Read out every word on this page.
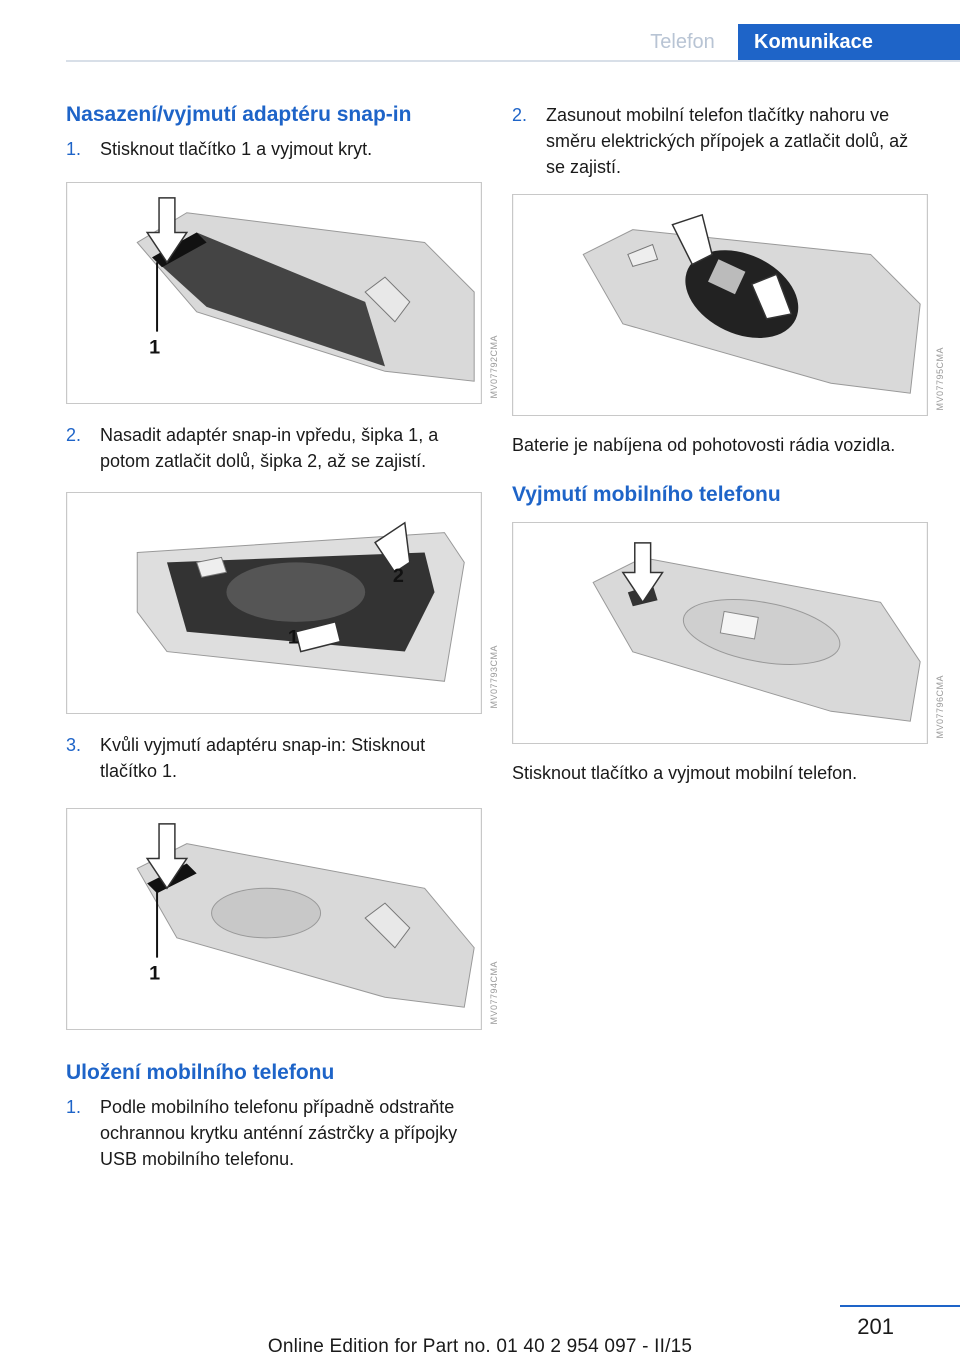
Telefon	Komunikace
Nasazení/vyjmutí adaptéru snap-in

1. Stisknout tlačítko 1 a vyjmout kryt.

1	MV07792CMA

2. Nasadit adaptér snap-in vpředu, šipka 1, a potom zatlačit dolů, šipka 2, až se zajistí.

2
1
MV07793CMA

3. Kvůli vyjmutí adaptéru snap-in: Stisknout tlačítko 1.

1	MV07794CMA
Uložení mobilního telefonu

1. Podle mobilního telefonu případně odstraňte ochrannou krytku anténní zástrčky a přípojky USB mobilního telefonu.

2. Zasunout mobilní telefon tlačítky nahoru ve směru elektrických přípojek a zatlačit dolů, až se zajistí.

MV07795CMA

Baterie je nabíjena od pohotovosti rádia vozidla.

Vyjmutí mobilního telefonu
MV07796CMA

Stisknout tlačítko a vyjmout mobilní telefon.

201
Online Edition for Part no. 01 40 2 954 097 - II/15
